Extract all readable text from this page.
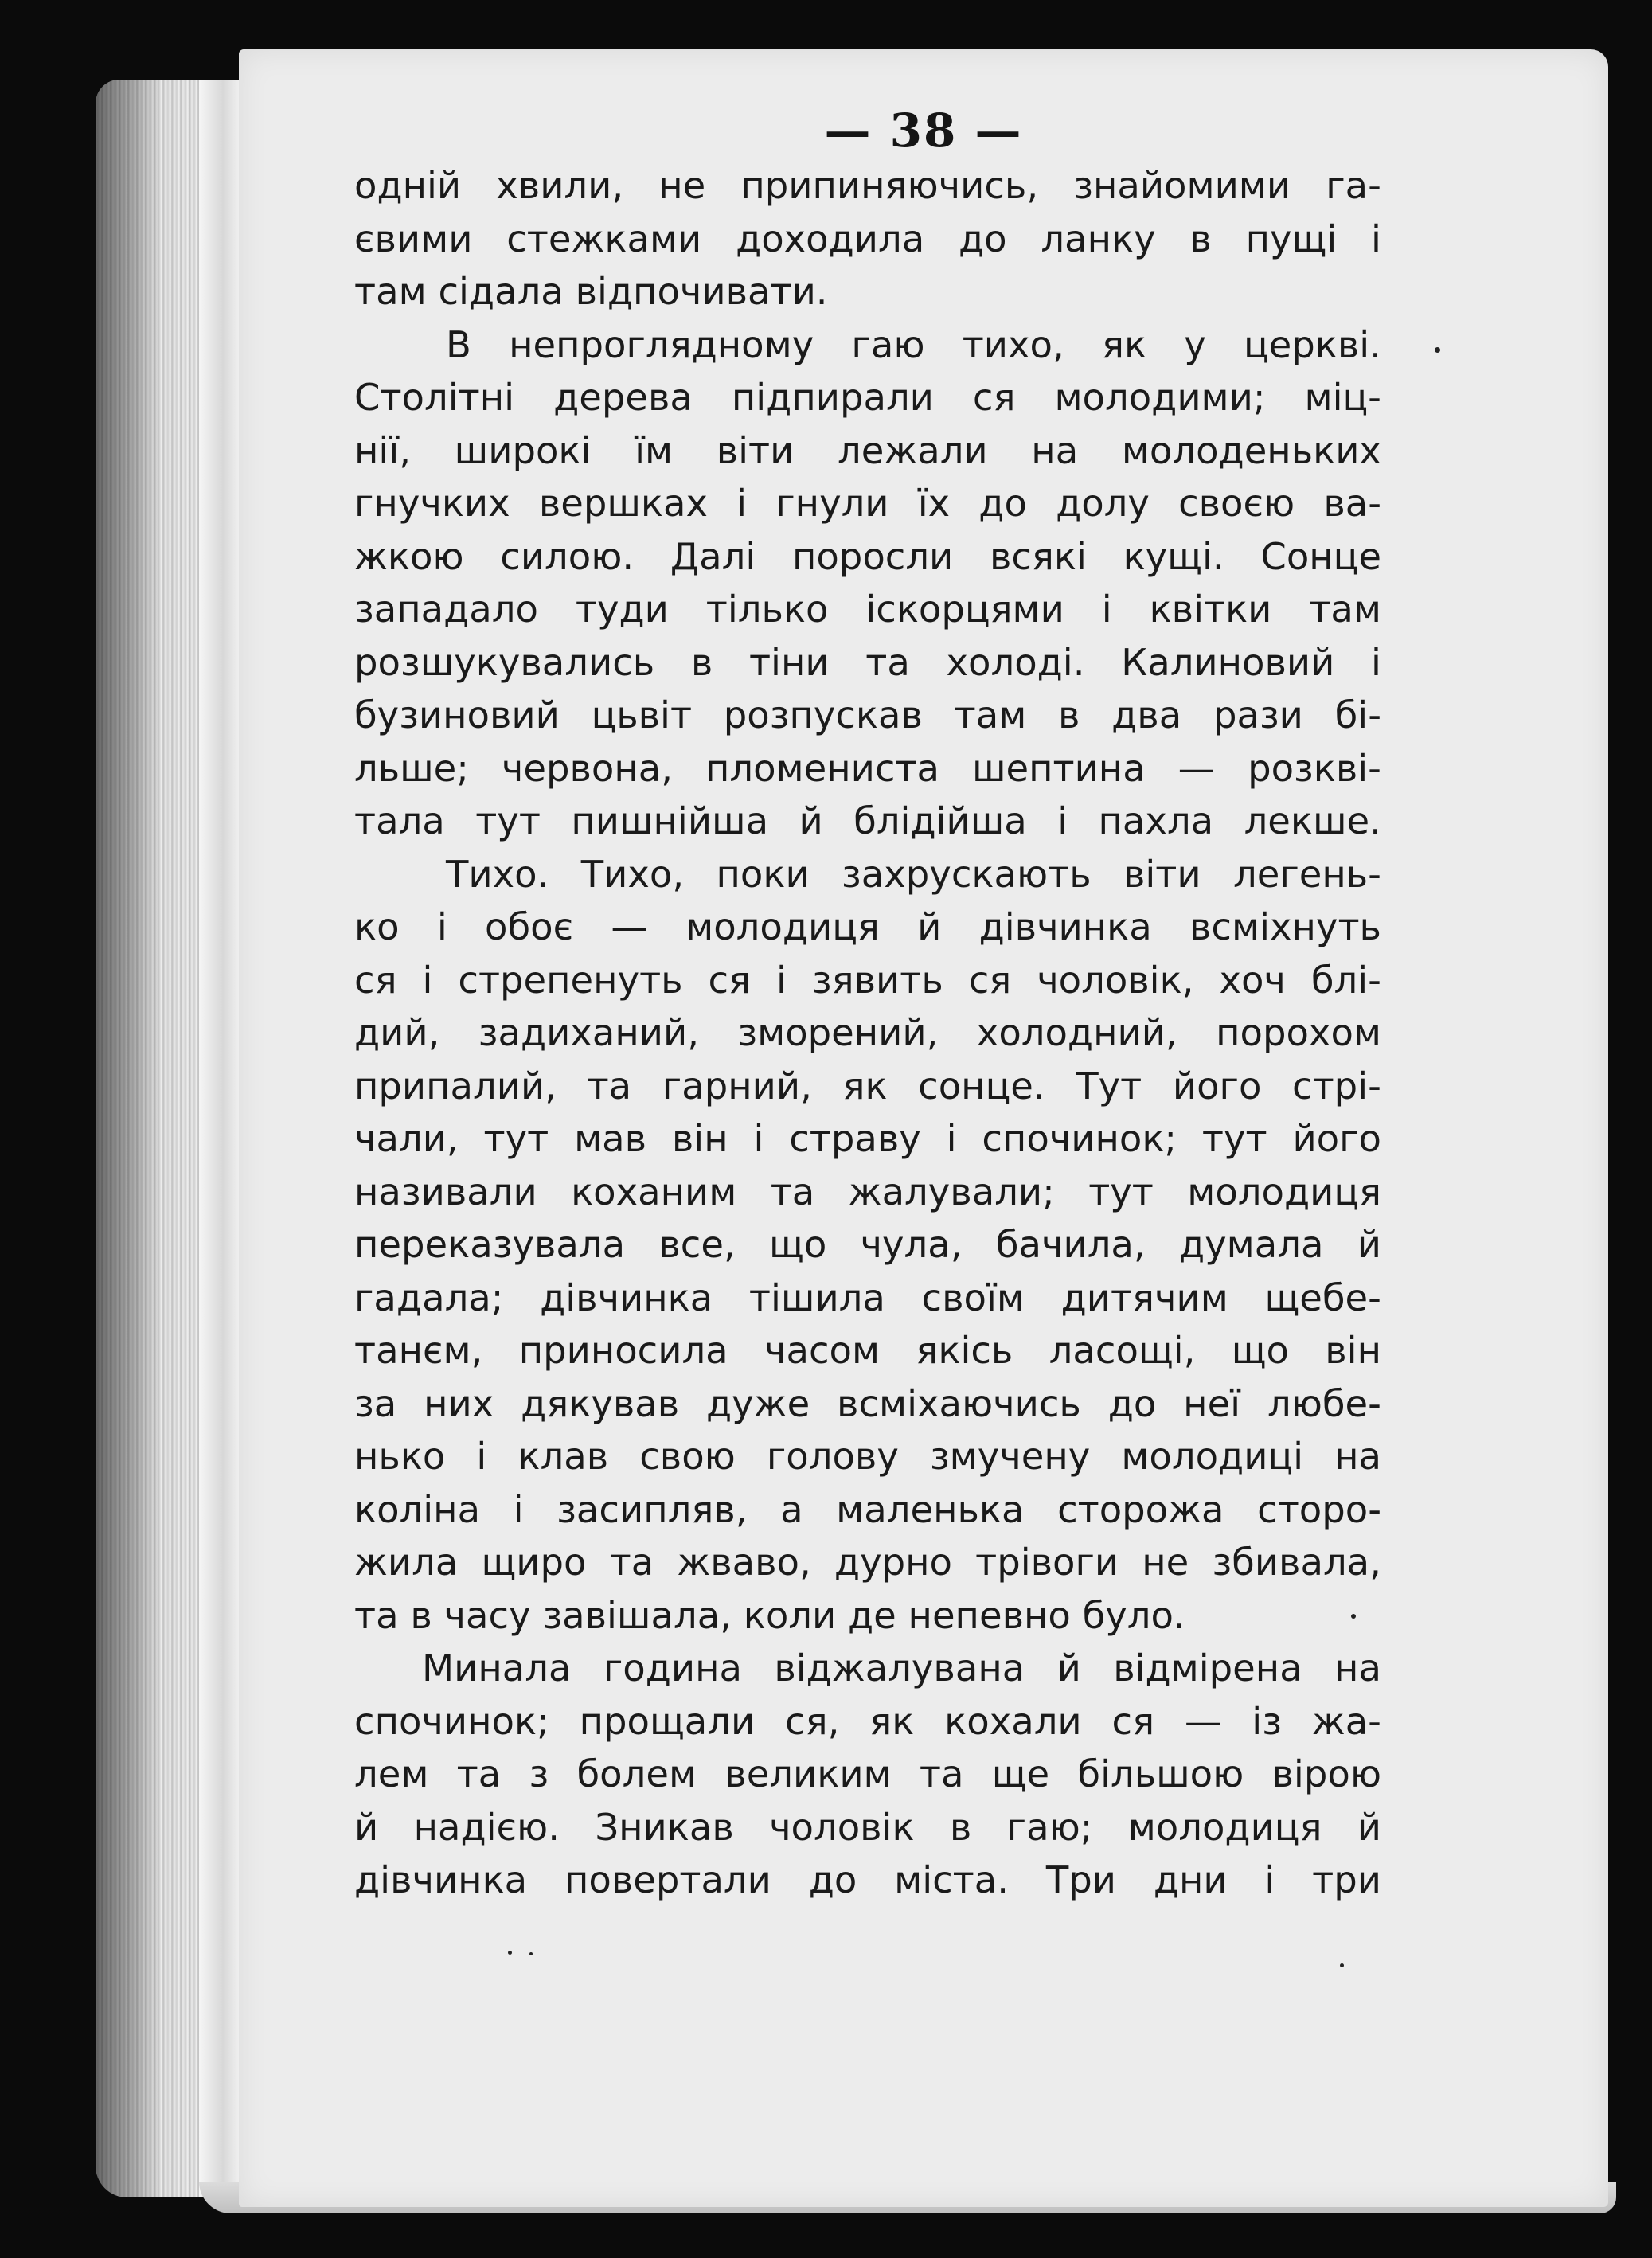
— 38 —
одній хвили, не припиняючись, знайомими га-
євими стежками доходила до ланку в пущі і
там сідала відпочивати.
В непроглядному гаю тихо, як у церкві.
Столітні дерева підпирали ся молодими; міц-
нії, широкі їм віти лежали на молоденьких
гнучких вершках і гнули їх до долу своєю ва-
жкою силою. Далі поросли всякі кущі. Сонце
западало туди тілько іскорцями і квітки там
розшукувались в тіни та холоді. Калиновий і
бузиновий цьвіт розпускав там в два рази бі-
льше; червона, пломениста шептина — розкві-
тала тут пишнійша й блідійша і пахла лекше.
Тихо. Тихо, поки захрускають віти легень-
ко і обоє — молодиця й дівчинка всміхнуть
ся і стрепенуть ся і зявить ся чоловік, хоч блі-
дий, задиханий, зморений, холодний, порохом
припалий, та гарний, як сонце. Тут його стрі-
чали, тут мав він і страву і спочинок; тут його
називали коханим та жалували; тут молодиця
переказувала все, що чула, бачила, думала й
гадала; дівчинка тішила своїм дитячим щебе-
танєм, приносила часом якісь ласощі, що він
за них дякував дуже всміхаючись до неї любе-
нько і клав свою голову змучену молодиці на
коліна і засипляв, а маленька сторожа сторо-
жила щиро та жваво, дурно трівоги не збивала,
та в часу завішала, коли де непевно було.
Минала година віджалувана й відмірена на
спочинок; прощали ся, як кохали ся — із жа-
лем та з болем великим та ще більшою вірою
й надією. Зникав чоловік в гаю; молодиця й
дівчинка повертали до міста. Три дни і три
